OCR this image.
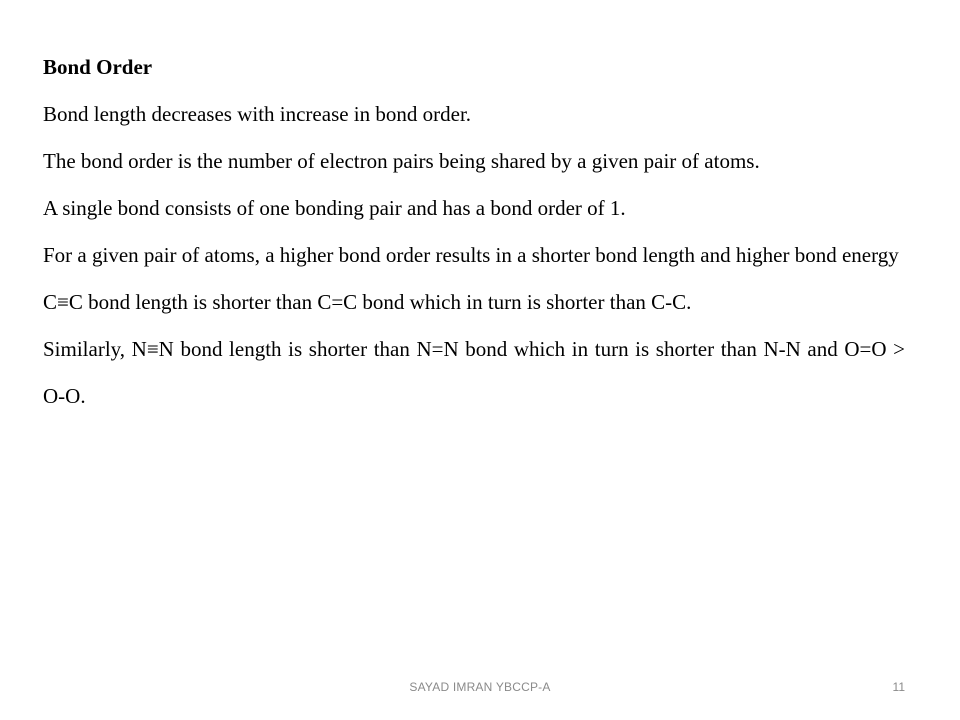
Bond Order

Bond length decreases with increase in bond order.

The bond order is the number of electron pairs being shared by a given pair of atoms.

A single bond consists of one bonding pair and has a bond order of 1.

For a given pair of atoms, a higher bond order results in a shorter bond length and higher bond energy

C≡C bond length is shorter than C=C bond which in turn is shorter than C-C.

Similarly, N≡N bond length is shorter than N=N bond which in turn is shorter than N-N and O=O > O-O.

SAYAD IMRAN YBCCP-A	11
